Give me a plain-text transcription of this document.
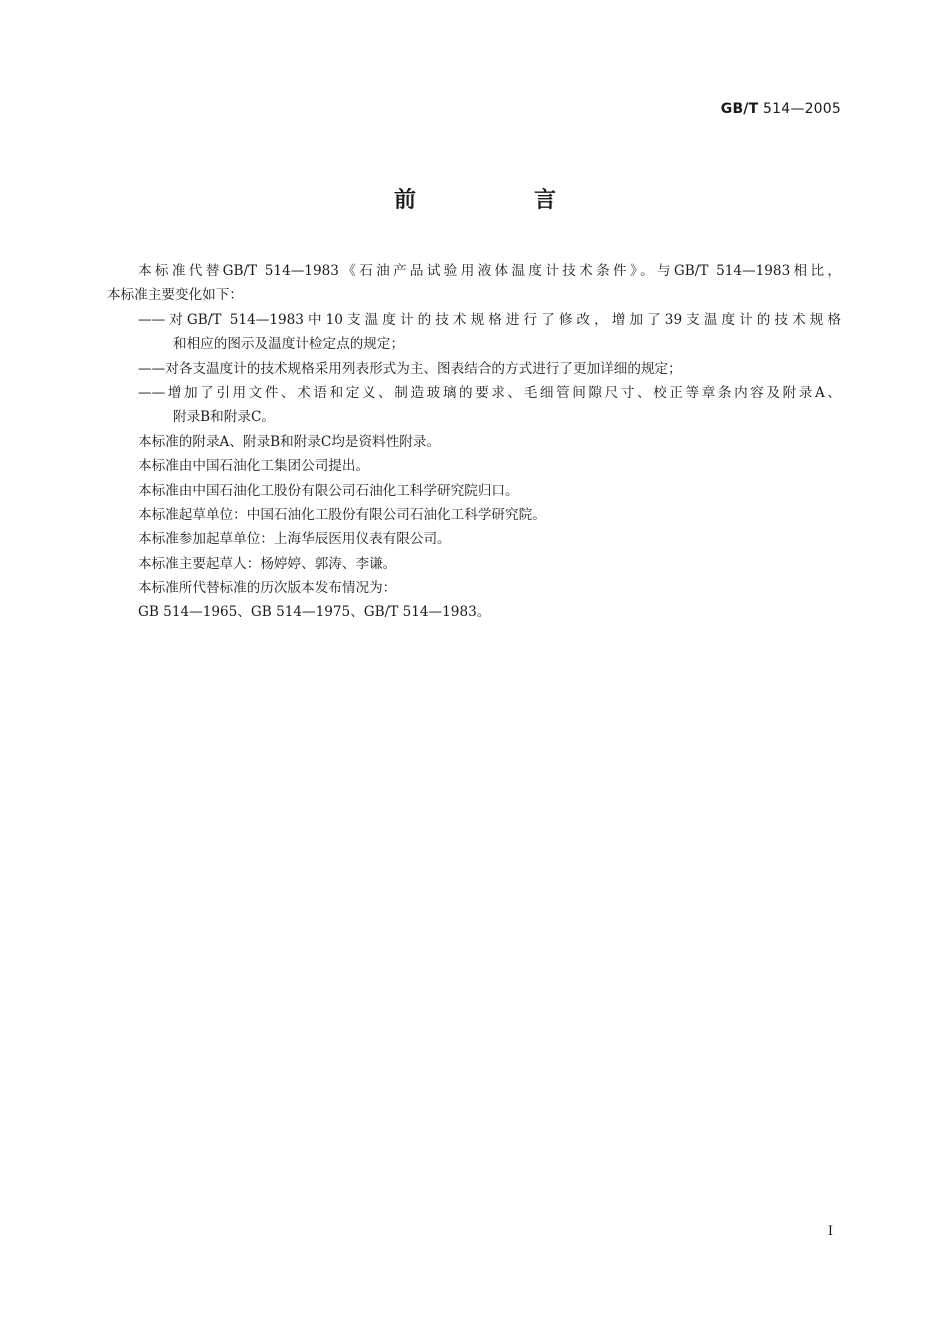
GB/T 514—2005
前　言
本标准代替GB/T 514—1983《石油产品试验用液体温度计技术条件》。与GB/T 514—1983相比，
本标准主要变化如下：
——对GB/T 514—1983中10支温度计的技术规格进行了修改，增加了39支温度计的技术规格
和相应的图示及温度计检定点的规定；
——对各支温度计的技术规格采用列表形式为主、图表结合的方式进行了更加详细的规定；
——增加了引用文件、术语和定义、制造玻璃的要求、毛细管间隙尺寸、校正等章条内容及附录A、
附录B和附录C。
本标准的附录A、附录B和附录C均是资料性附录。
本标准由中国石油化工集团公司提出。
本标准由中国石油化工股份有限公司石油化工科学研究院归口。
本标准起草单位：中国石油化工股份有限公司石油化工科学研究院。
本标准参加起草单位：上海华辰医用仪表有限公司。
本标准主要起草人：杨婷婷、郭涛、李谦。
本标准所代替标准的历次版本发布情况为：
GB 514—1965、GB 514—1975、GB/T 514—1983。
I
